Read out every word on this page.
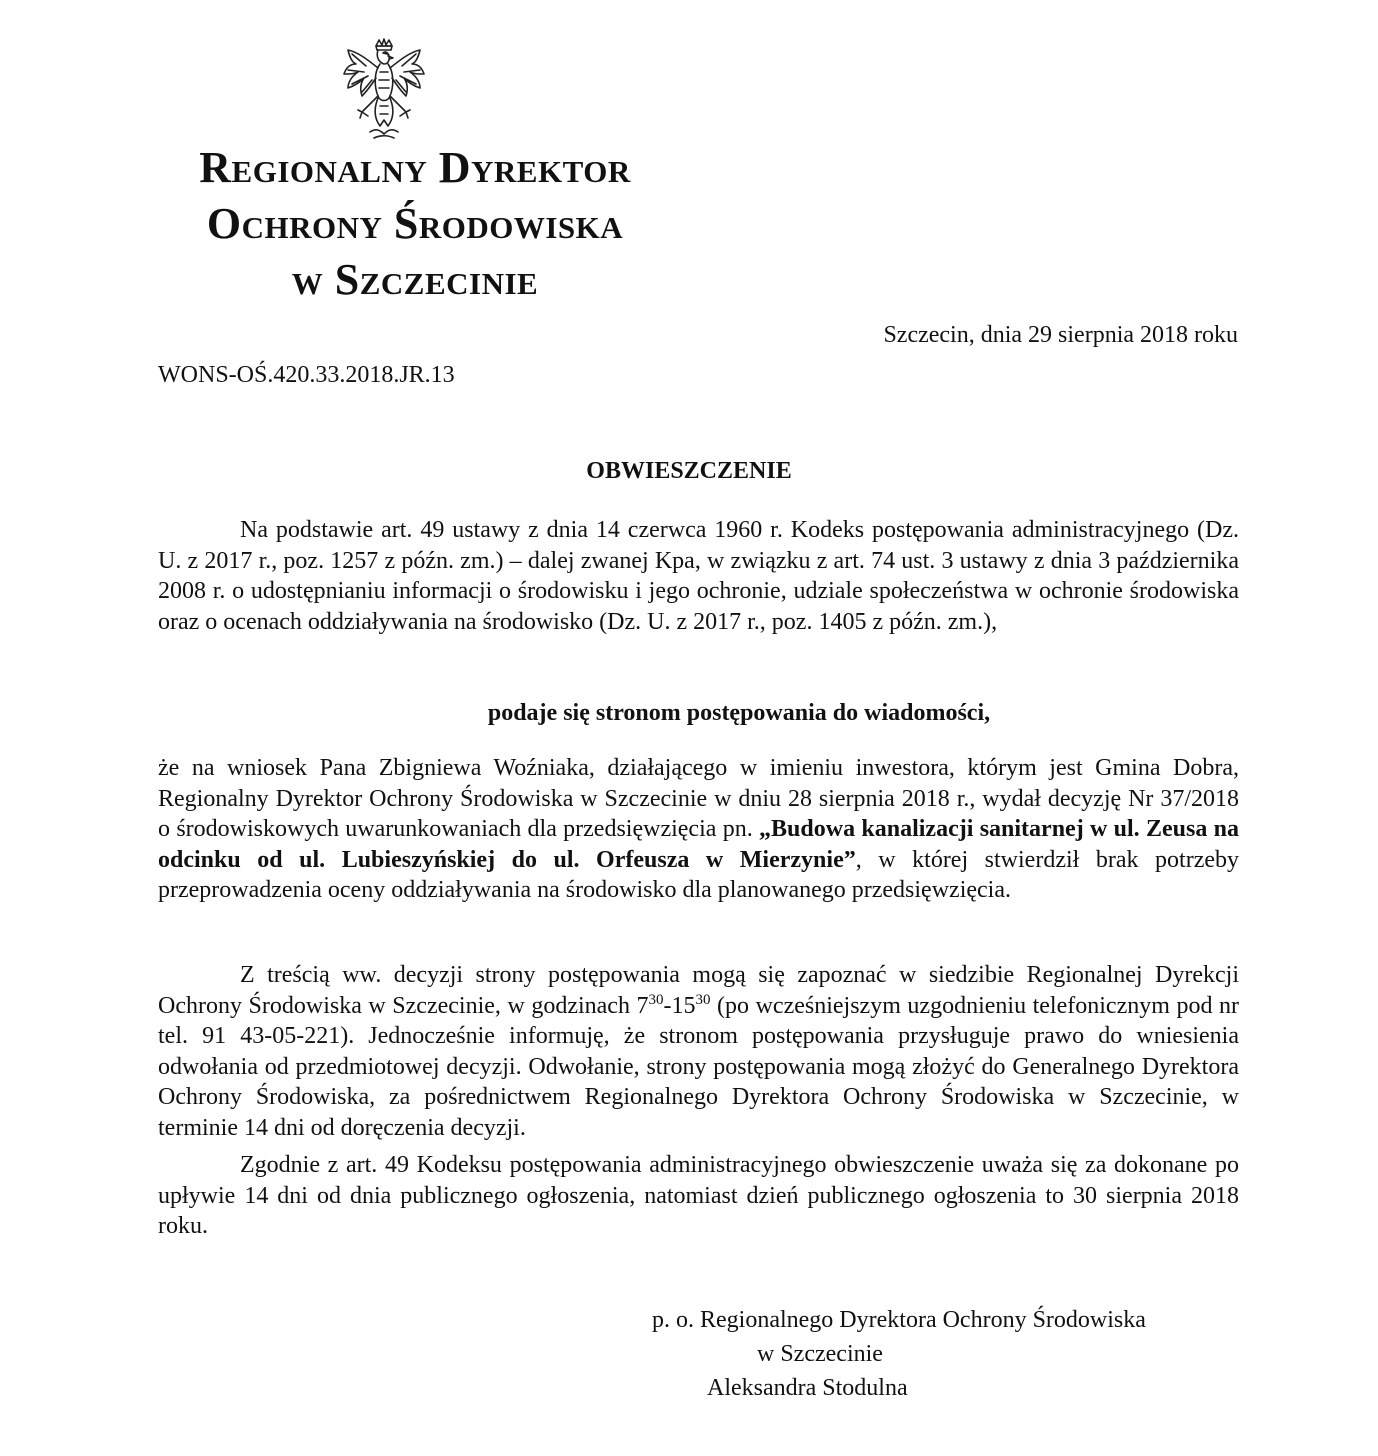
Regionalny Dyrektor
Ochrony Środowiska
w Szczecinie
Szczecin, dnia 29 sierpnia 2018 roku
WONS-OŚ.420.33.2018.JR.13
OBWIESZCZENIE
Na podstawie art. 49 ustawy z dnia 14 czerwca 1960 r. Kodeks postępowania administracyjnego (Dz. U. z 2017 r., poz. 1257 z późn. zm.) – dalej zwanej Kpa, w związku z art. 74 ust. 3 ustawy z dnia 3 października 2008 r. o udostępnianiu informacji o środowisku i jego ochronie, udziale społeczeństwa w ochronie środowiska oraz o ocenach oddziaływania na środowisko (Dz. U. z 2017 r., poz. 1405 z późn. zm.),
podaje się stronom postępowania do wiadomości,
że na wniosek Pana Zbigniewa Woźniaka, działającego w imieniu inwestora, którym jest Gmina Dobra, Regionalny Dyrektor Ochrony Środowiska w Szczecinie w dniu 28 sierpnia 2018 r., wydał decyzję Nr 37/2018 o środowiskowych uwarunkowaniach dla przedsięwzięcia pn. „Budowa kanalizacji sanitarnej w ul. Zeusa na odcinku od ul. Lubieszyńskiej do ul. Orfeusza w Mierzynie”, w której stwierdził brak potrzeby przeprowadzenia oceny oddziaływania na środowisko dla planowanego przedsięwzięcia.
Z treścią ww. decyzji strony postępowania mogą się zapoznać w siedzibie Regionalnej Dyrekcji Ochrony Środowiska w Szczecinie, w godzinach $7^{30}-15^{30}$ (po wcześniejszym uzgodnieniu telefonicznym pod nr tel. 91 43-05-221). Jednocześnie informuję, że stronom postępowania przysługuje prawo do wniesienia odwołania od przedmiotowej decyzji. Odwołanie, strony postępowania mogą złożyć do Generalnego Dyrektora Ochrony Środowiska, za pośrednictwem Regionalnego Dyrektora Ochrony Środowiska w Szczecinie, w terminie 14 dni od doręczenia decyzji.
Zgodnie z art. 49 Kodeksu postępowania administracyjnego obwieszczenie uważa się za dokonane po upływie 14 dni od dnia publicznego ogłoszenia, natomiast dzień publicznego ogłoszenia to 30 sierpnia 2018 roku.
p. o. Regionalnego Dyrektora Ochrony Środowiska
w Szczecinie
Aleksandra Stodulna
